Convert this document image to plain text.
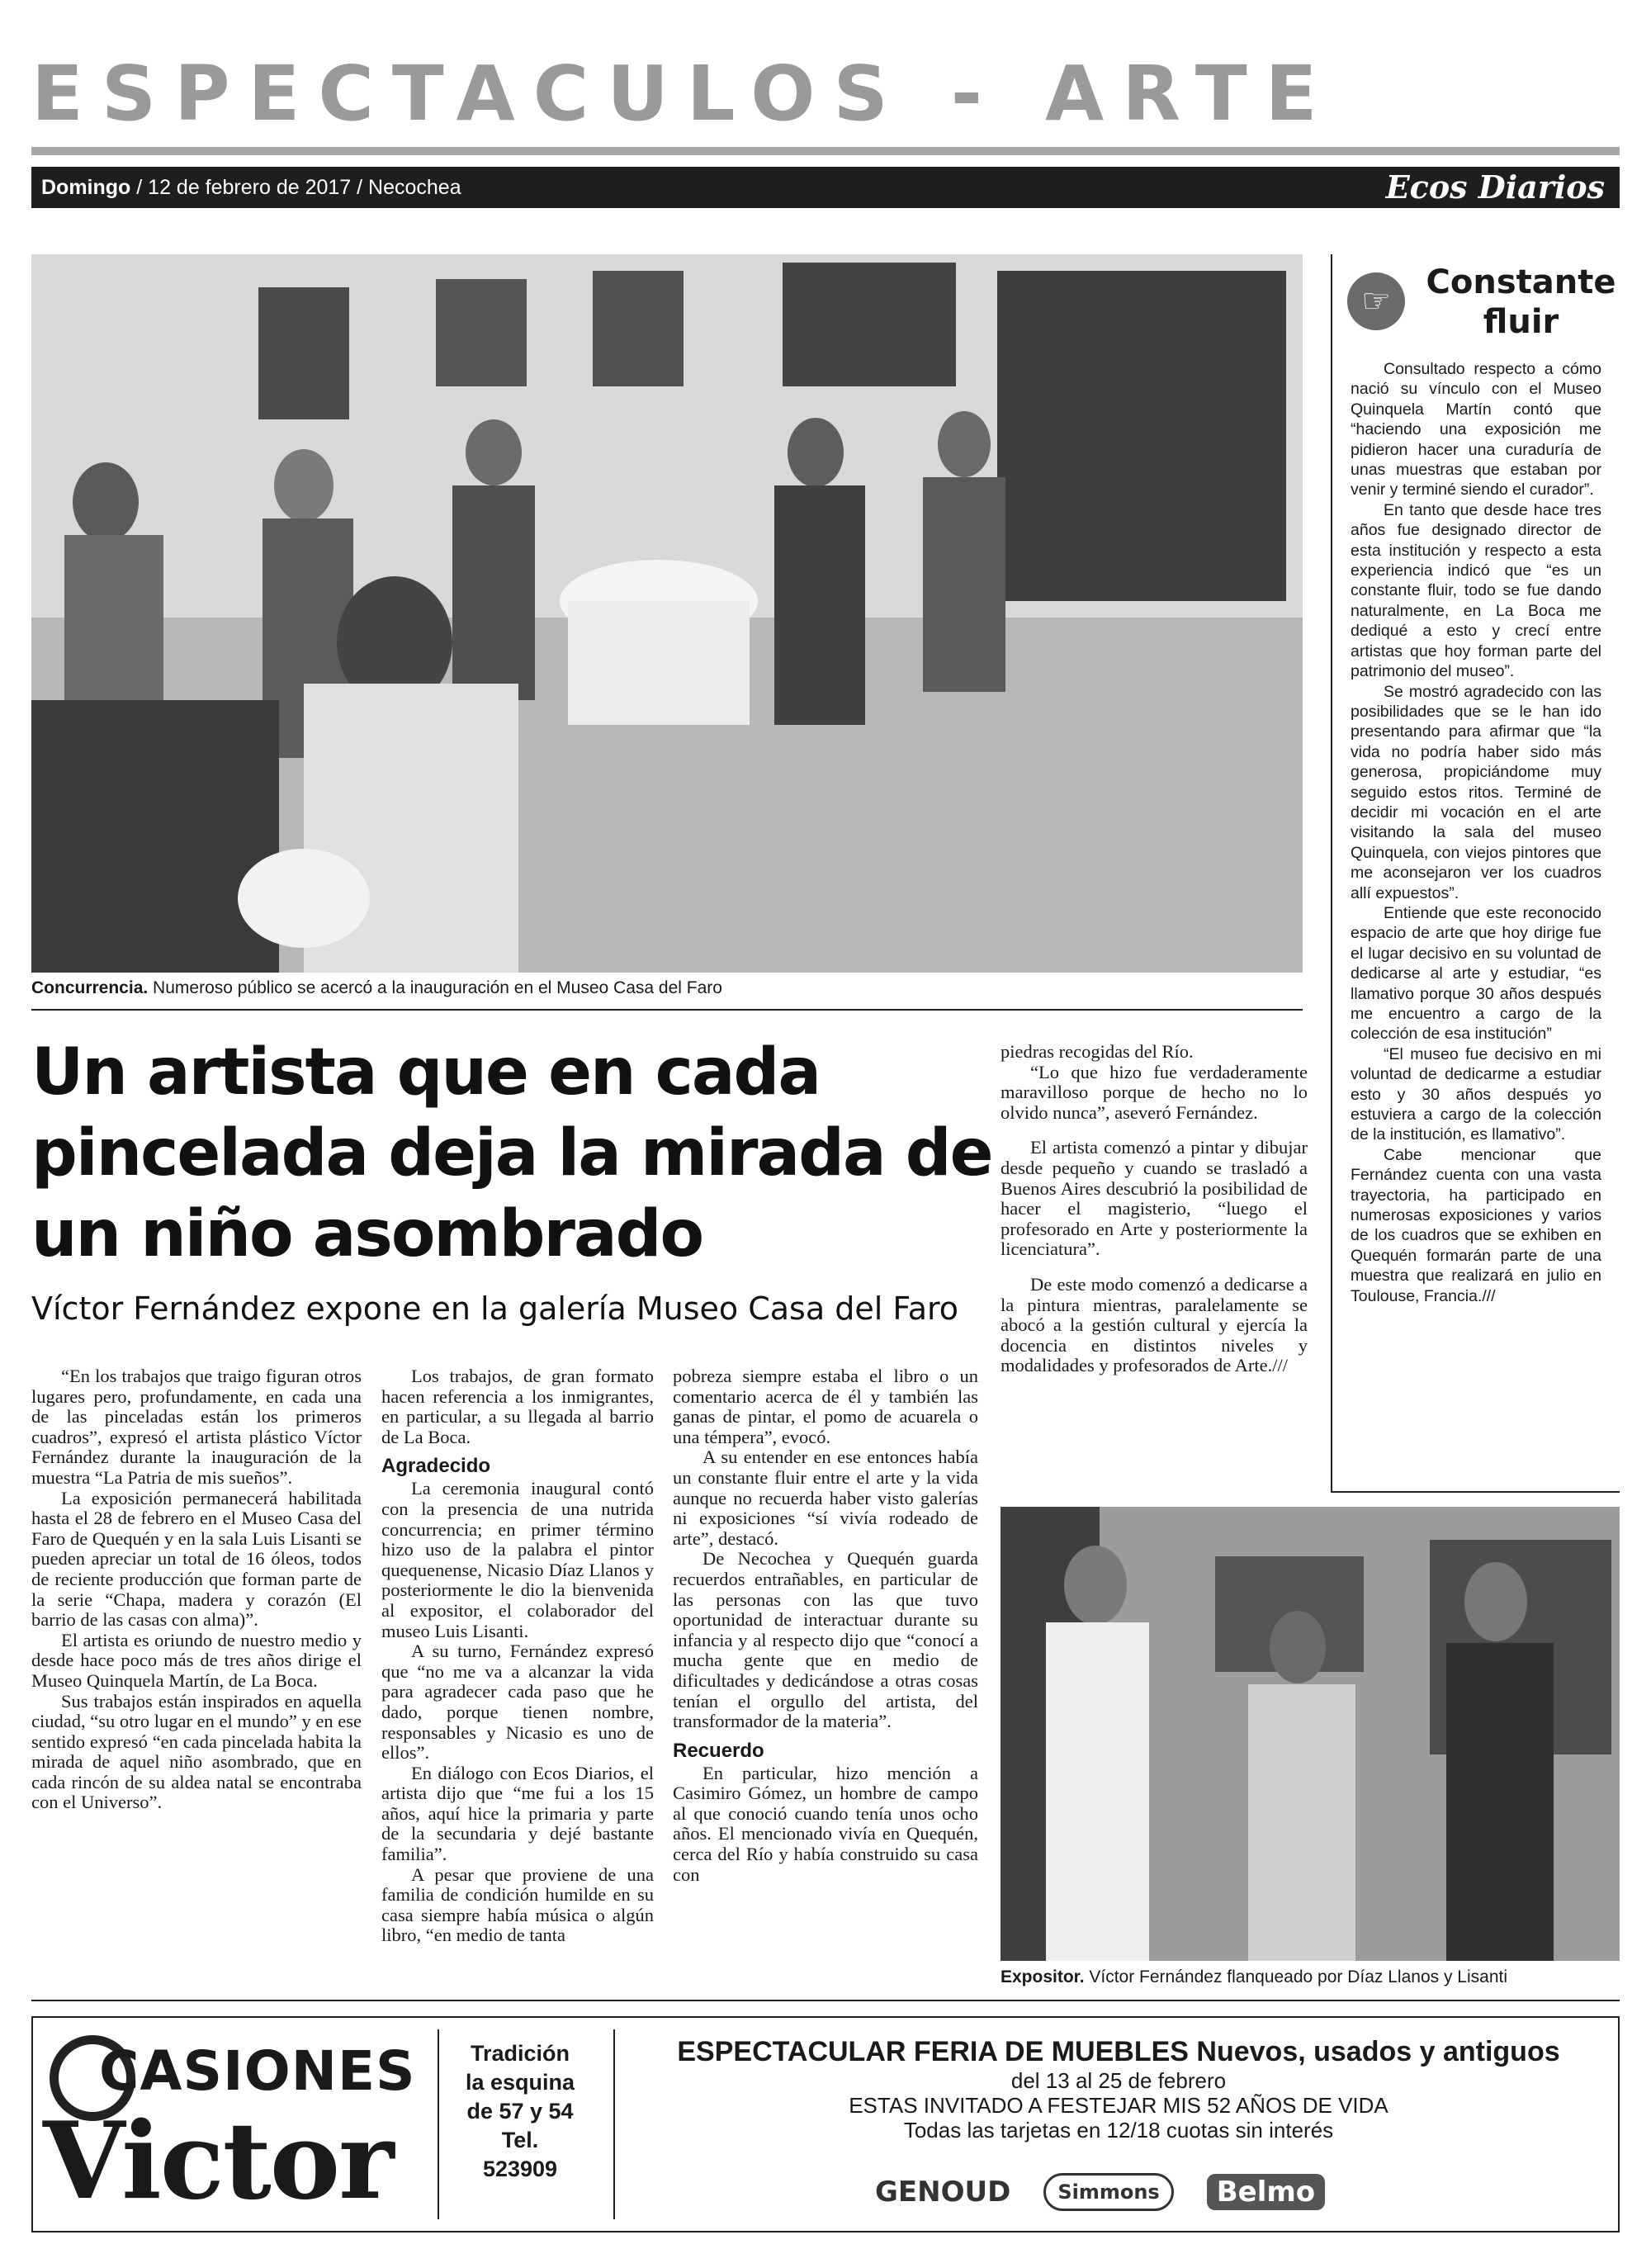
ESPECTACULOS - ARTE
Domingo / 12 de febrero de 2017 / Necochea	Ecos Diarios
Concurrencia. Numeroso público se acercó a la inauguración en el Museo Casa del Faro
☞	Constante fluir

Consultado respecto a cómo nació su vínculo con el Museo Quinquela Martín contó que “haciendo una exposición me pidieron hacer una curaduría de unas muestras que estaban por venir y terminé siendo el curador”.

En tanto que desde hace tres años fue designado director de esta institución y respecto a esta experiencia indicó que “es un constante fluir, todo se fue dando naturalmente, en La Boca me dediqué a esto y crecí entre artistas que hoy forman parte del patrimonio del museo”.

Se mostró agradecido con las posibilidades que se le han ido presentando para afirmar que “la vida no podría haber sido más generosa, propiciándome muy seguido estos ritos. Terminé de decidir mi vocación en el arte visitando la sala del museo Quinquela, con viejos pintores que me aconsejaron ver los cuadros allí expuestos”.

Entiende que este reconocido espacio de arte que hoy dirige fue el lugar decisivo en su voluntad de dedicarse al arte y estudiar, “es llamativo porque 30 años después me encuentro a cargo de la colección de esa institución”

“El museo fue decisivo en mi voluntad de dedicarme a estudiar esto y 30 años después yo estuviera a cargo de la colección de la institución, es llamativo”.

Cabe mencionar que Fernández cuenta con una vasta trayectoria, ha participado en numerosas exposiciones y varios de los cuadros que se exhiben en Quequén formarán parte de una muestra que realizará en julio en Toulouse, Francia.///

Un artista que en cada pincelada deja la mirada de un niño asombrado
Víctor Fernández expone en la galería Museo Casa del Faro

“En los trabajos que traigo figuran otros lugares pero, profundamente, en cada una de las pinceladas están los primeros cuadros”, expresó el artista plástico Víctor Fernández durante la inauguración de la muestra “La Patria de mis sueños”.

La exposición permanecerá habilitada hasta el 28 de febrero en el Museo Casa del Faro de Quequén y en la sala Luis Lisanti se pueden apreciar un total de 16 óleos, todos de reciente producción que forman parte de la serie “Chapa, madera y corazón (El barrio de las casas con alma)”.

El artista es oriundo de nuestro medio y desde hace poco más de tres años dirige el Museo Quinquela Martín, de La Boca.

Sus trabajos están inspirados en aquella ciudad, “su otro lugar en el mundo” y en ese sentido expresó “en cada pincelada habita la mirada de aquel niño asombrado, que en cada rincón de su aldea natal se encontraba con el Universo”.

Los trabajos, de gran formato hacen referencia a los inmigrantes, en particular, a su llegada al barrio de La Boca.

Agradecido

La ceremonia inaugural contó con la presencia de una nutrida concurrencia; en primer término hizo uso de la palabra el pintor quequenense, Nicasio Díaz Llanos y posteriormente le dio la bienvenida al expositor, el colaborador del museo Luis Lisanti.

A su turno, Fernández expresó que “no me va a alcanzar la vida para agradecer cada paso que he dado, porque tienen nombre, responsables y Nicasio es uno de ellos”.

En diálogo con Ecos Diarios, el artista dijo que “me fui a los 15 años, aquí hice la primaria y parte de la secundaria y dejé bastante familia”.

A pesar que proviene de una familia de condición humilde en su casa siempre había música o algún libro, “en medio de tanta

pobreza siempre estaba el libro o un comentario acerca de él y también las ganas de pintar, el pomo de acuarela o una témpera”, evocó.

A su entender en ese entonces había un constante fluir entre el arte y la vida aunque no recuerda haber visto galerías ni exposiciones “sí vivía rodeado de arte”, destacó.

De Necochea y Quequén guarda recuerdos entrañables, en particular de las personas con las que tuvo oportunidad de interactuar durante su infancia y al respecto dijo que “conocí a mucha gente que en medio de dificultades y dedicándose a otras cosas tenían el orgullo del artista, del transformador de la materia”.

Recuerdo

En particular, hizo mención a Casimiro Gómez, un hombre de campo al que conoció cuando tenía unos ocho años. El mencionado vivía en Quequén, cerca del Río y había construido su casa con

piedras recogidas del Río.

“Lo que hizo fue verdaderamente maravilloso porque de hecho no lo olvido nunca”, aseveró Fernández.

El artista comenzó a pintar y dibujar desde pequeño y cuando se trasladó a Buenos Aires descubrió la posibilidad de hacer el magisterio, “luego el profesorado en Arte y posteriormente la licenciatura”.

De este modo comenzó a dedicarse a la pintura mientras, paralelamente se abocó a la gestión cultural y ejercía la docencia en distintos niveles y modalidades y profesorados de Arte.///

Expositor. Víctor Fernández flanqueado por Díaz Llanos y Lisanti
CASIONES
Victor
Tradición
la esquina
de 57 y 54
Tel.
523909
ESPECTACULAR FERIA DE MUEBLES Nuevos, usados y antiguos
del 13 al 25 de febrero
ESTAS INVITADO A FESTEJAR MIS 52 AÑOS DE VIDA
Todas las tarjetas en 12/18 cuotas sin interés
GENOUD	Simmons	Belmo
